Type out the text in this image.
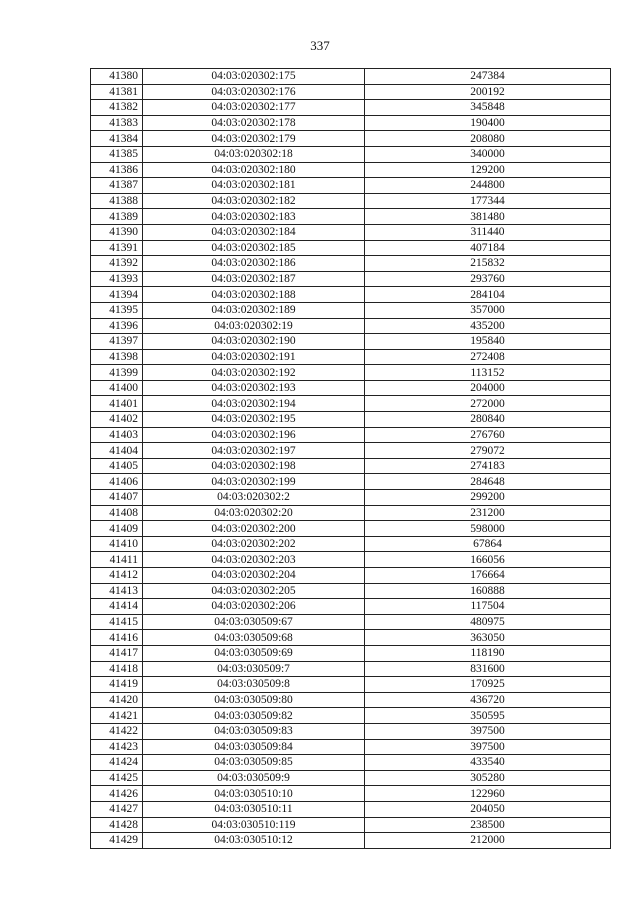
337
41380	04:03:020302:175	247384
41381	04:03:020302:176	200192
41382	04:03:020302:177	345848
41383	04:03:020302:178	190400
41384	04:03:020302:179	208080
41385	04:03:020302:18	340000
41386	04:03:020302:180	129200
41387	04:03:020302:181	244800
41388	04:03:020302:182	177344
41389	04:03:020302:183	381480
41390	04:03:020302:184	311440
41391	04:03:020302:185	407184
41392	04:03:020302:186	215832
41393	04:03:020302:187	293760
41394	04:03:020302:188	284104
41395	04:03:020302:189	357000
41396	04:03:020302:19	435200
41397	04:03:020302:190	195840
41398	04:03:020302:191	272408
41399	04:03:020302:192	113152
41400	04:03:020302:193	204000
41401	04:03:020302:194	272000
41402	04:03:020302:195	280840
41403	04:03:020302:196	276760
41404	04:03:020302:197	279072
41405	04:03:020302:198	274183
41406	04:03:020302:199	284648
41407	04:03:020302:2	299200
41408	04:03:020302:20	231200
41409	04:03:020302:200	598000
41410	04:03:020302:202	67864
41411	04:03:020302:203	166056
41412	04:03:020302:204	176664
41413	04:03:020302:205	160888
41414	04:03:020302:206	117504
41415	04:03:030509:67	480975
41416	04:03:030509:68	363050
41417	04:03:030509:69	118190
41418	04:03:030509:7	831600
41419	04:03:030509:8	170925
41420	04:03:030509:80	436720
41421	04:03:030509:82	350595
41422	04:03:030509:83	397500
41423	04:03:030509:84	397500
41424	04:03:030509:85	433540
41425	04:03:030509:9	305280
41426	04:03:030510:10	122960
41427	04:03:030510:11	204050
41428	04:03:030510:119	238500
41429	04:03:030510:12	212000
